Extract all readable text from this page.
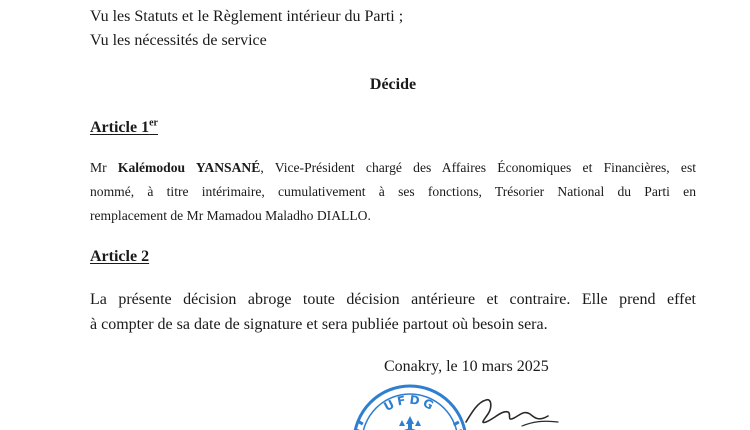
Vu les Statuts et le Règlement intérieur du Parti ;
Vu les nécessités de service
Décide
Article 1er
Mr Kalémodou YANSANÉ, Vice-Président chargé des Affaires Économiques et Financières, est
nommé, à titre intérimaire, cumulativement à ses fonctions, Trésorier National du Parti en
remplacement de Mr Mamadou Maladho DIALLO.
Article 2
La présente décision abroge toute décision antérieure et contraire. Elle prend effet
à compter de sa date de signature et sera publiée partout où besoin sera.
Conakry, le 10 mars 2025
UFDG
